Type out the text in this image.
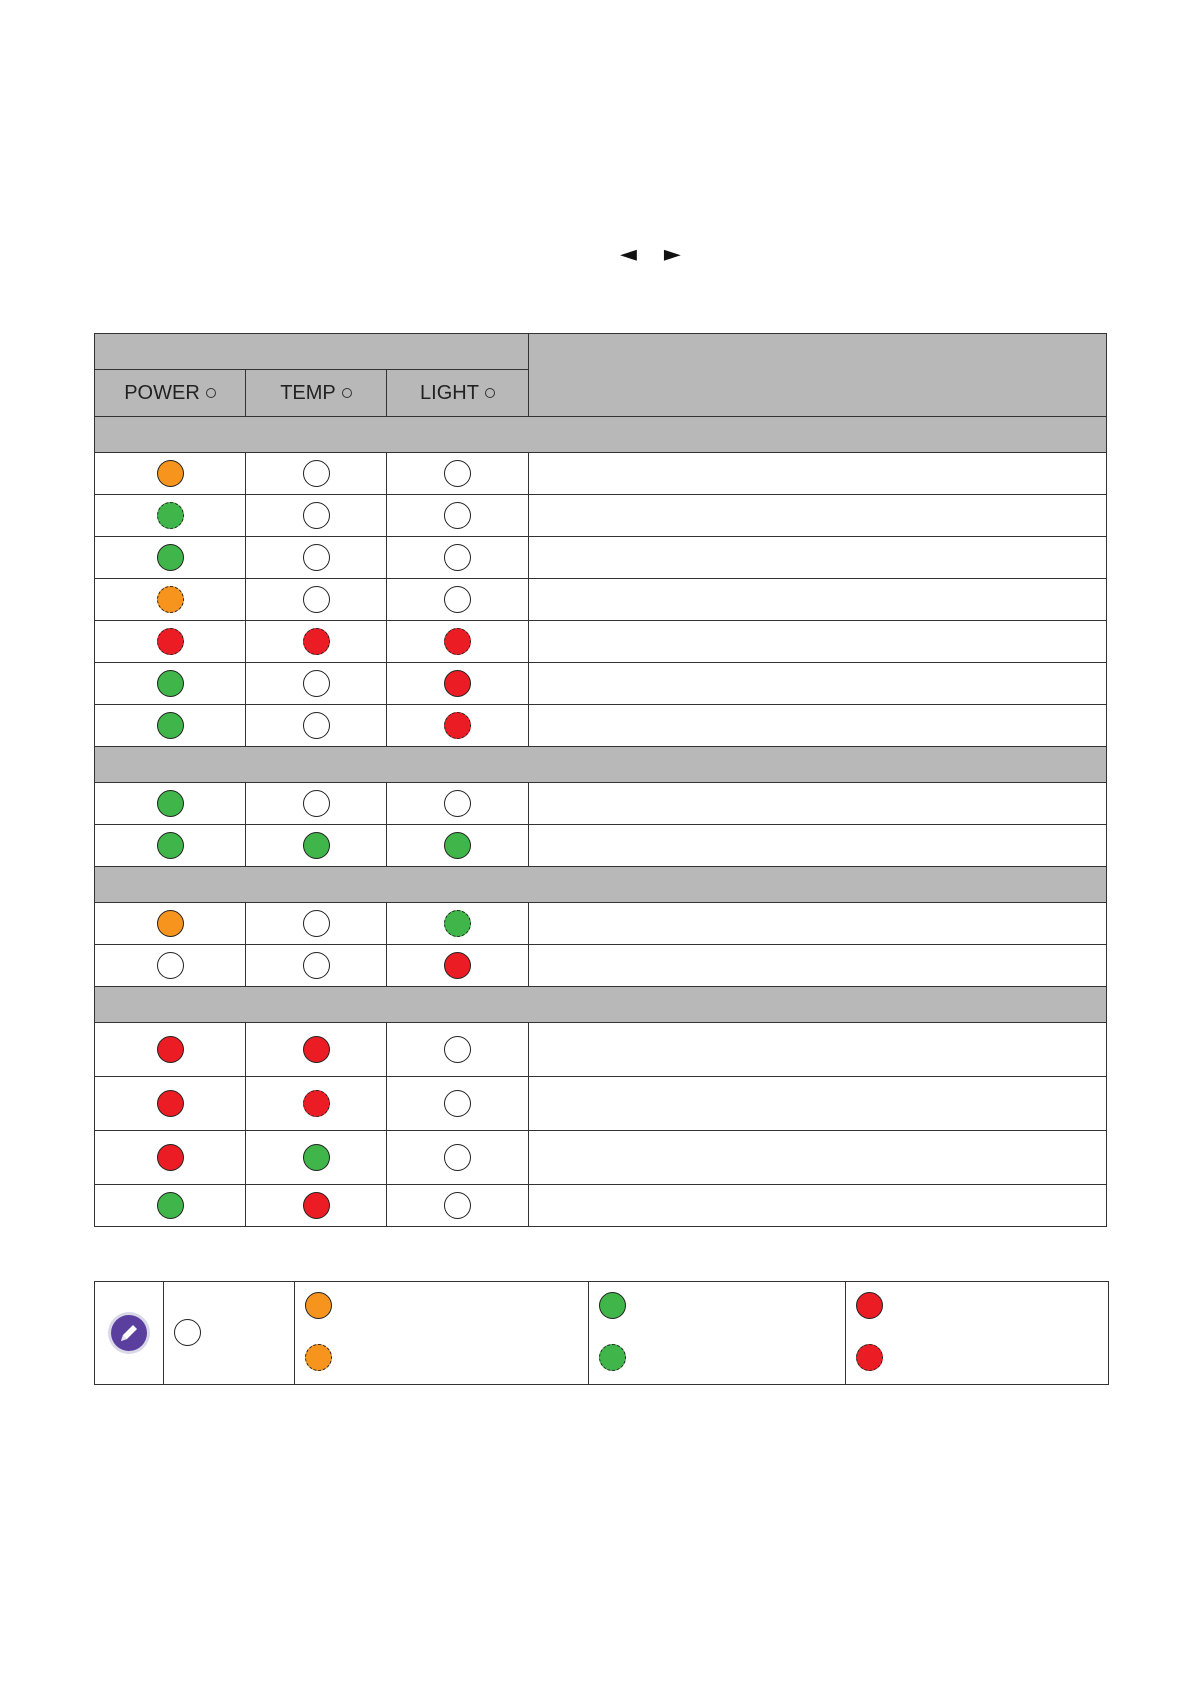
◄ ►

POWER	TEMP	LIGHT	
